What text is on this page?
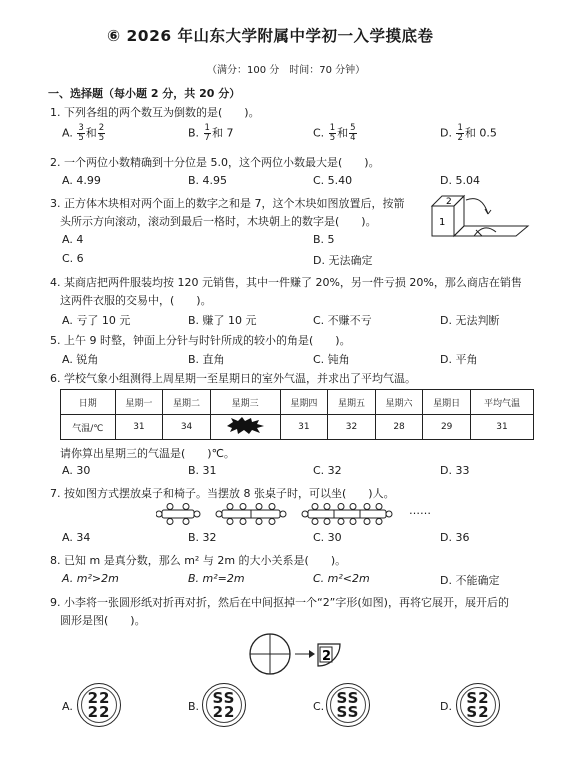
⑥ 2026 年山东大学附属中学初一入学摸底卷
（满分：100 分　时间：70 分钟）
一、选择题（每小题 2 分，共 20 分）
1. 下列各组的两个数互为倒数的是(　　)。
A. $\frac{3}{5}$ 和 $\frac{2}{5}$	B. $\frac{1}{7}$ 和 7	C. $\frac{1}{5}$ 和 $\frac{5}{4}$	D. $\frac{1}{2}$ 和 0.5
2. 一个两位小数精确到十分位是 5.0，这个两位小数最大是(　　)。
A. 4.99	B. 4.95	C. 5.40	D. 5.04
3. 正方体木块相对两个面上的数字之和是 7，这个木块如图放置后，按箭
头所示方向滚动，滚动到最后一格时，木块朝上的数字是(　　)。
A. 4	B. 5
C. 6	D. 无法确定
2
1
4. 某商店把两件服装均按 120 元销售，其中一件赚了 20%，另一件亏损 20%，那么商店在销售
这两件衣服的交易中，(　　)。
A. 亏了 10 元	B. 赚了 10 元	C. 不赚不亏	D. 无法判断
5. 上午 9 时整，钟面上分针与时针所成的较小的角是(　　)。
A. 锐角	B. 直角	C. 钝角	D. 平角
6. 学校气象小组测得上周星期一至星期日的室外气温，并求出了平均气温。
日期	星期一	星期二	星期三	星期四	星期五	星期六	星期日	平均气温
气温/℃	31	34		31	32	28	29	31
请你算出星期三的气温是(　　)℃。
A. 30	B. 31	C. 32	D. 33
7. 按如图方式摆放桌子和椅子。当摆放 8 张桌子时，可以坐(　　)人。
……
A. 34	B. 32	C. 30	D. 36
8. 已知 m 是真分数，那么 m² 与 2m 的大小关系是(　　)。
A. m²>2m	B. m²=2m	C. m²<2m	D. 不能确定
9. 小李将一张圆形纸对折再对折，然后在中间抠掉一个“2”字形(如图)，再将它展开，展开后的
圆形是图(　　)。
2
A. 22
22	B. SS
22	C. SS
SS	D. S2
S2
